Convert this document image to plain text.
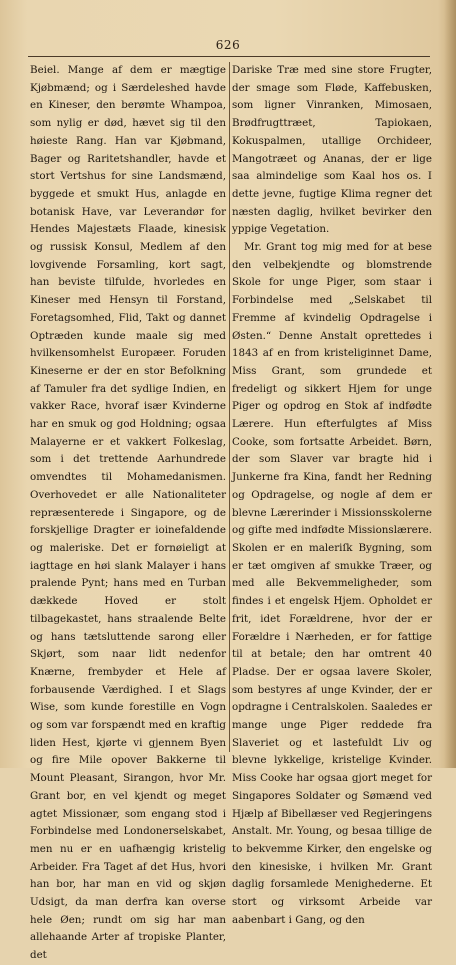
626

Beiel. Mange af dem er mægtige Kjøbmænd; og i Særdeleshed havde en Kineser, den berømte Whampoa, som nylig er død, hævet sig til den høieste Rang. Han var Kjøbmand, Bager og Raritetshandler, havde et stort Vertshus for sine Landsmænd, byggede et smukt Hus, anlagde en botanisk Have, var Leverandør for Hendes Majestæts Flaade, kinesisk og russisk Konsul, Medlem af den lovgivende Forsamling, kort sagt, han beviste tilfulde, hvorledes en Kineser med Hensyn til Forstand, Foretagsomhed, Flid, Takt og dannet Optræden kunde maale sig med hvilkensomhelst Europæer. Foruden Kineserne er der en stor Befolkning af Tamuler fra det sydlige Indien, en vakker Race, hvoraf især Kvinderne har en smuk og god Holdning; ogsaa Malayerne er et vakkert Folkeslag, som i det trettende Aarhundrede omvendtes til Mohamedanismen. Overhovedet er alle Nationaliteter repræsenterede i Singapore, og de forskjellige Dragter er ioinefaldende og maleriske. Det er fornøieligt at iagttage en høi slank Malayer i hans pralende Pynt; hans med en Turban dækkede Hoved er stolt tilbagekastet, hans straalende Belte og hans tætsluttende sarong eller Skjørt, som naar lidt nedenfor Knærne, frembyder et Hele af forbausende Værdighed. I et Slags Wise, som kunde forestille en Vogn og som var forspændt med en kraftig liden Hest, kjørte vi gjennem Byen og fire Mile opover Bakkerne til Mount Pleasant, Sirangon, hvor Mr. Grant bor, en vel kjendt og meget agtet Missionær, som engang stod i Forbindelse med Londonerselskabet, men nu er en uafhængig kristelig Arbeider. Fra Taget af det Hus, hvori han bor, har man en vid og skjøn Udsigt, da man derfra kan overse hele Øen; rundt om sig har man allehaande Arter af tropiske Planter, det

Dariske Træ med sine store Frugter, der smage som Fløde, Kaffebusken, som ligner Vinranken, Mimosaen, Brødfrugttræet, Tapiokaen, Kokuspalmen, utallige Orchideer, Mangotræet og Ananas, der er lige saa almindelige som Kaal hos os. I dette jevne, fugtige Klima regner det næsten daglig, hvilket bevirker den yppige Vegetation.

Mr. Grant tog mig med for at bese den velbekjendte og blomstrende Skole for unge Piger, som staar i Forbindelse med „Selskabet til Fremme af kvindelig Opdragelse i Østen.“ Denne Anstalt oprettedes i 1843 af en from kristeliginnet Dame, Miss Grant, som grundede et fredeligt og sikkert Hjem for unge Piger og opdrog en Stok af indfødte Lærere. Hun efterfulgtes af Miss Cooke, som fortsatte Arbeidet. Børn, der som Slaver var bragte hid i Junkerne fra Kina, fandt her Redning og Opdragelse, og nogle af dem er blevne Lærerinder i Missionsskolerne og gifte med indfødte Missionslærere. Skolen er en maleriſk Bygning, som er tæt omgiven af smukke Træer, og med alle Bekvemmeligheder, som findes i et engelsk Hjem. Opholdet er frit, idet Forældrene, hvor der er Forældre i Nærheden, er for fattige til at betale; den har omtrent 40 Pladse. Der er ogsaa lavere Skoler, som bestyres af unge Kvinder, der er opdragne i Centralskolen. Saaledes er mange unge Piger reddede fra Slaveriet og et lastefuldt Liv og blevne lykkelige, kristelige Kvinder. Miss Cooke har ogsaa gjort meget for Singapores Soldater og Sømænd ved Hjælp af Bibellæser ved Regjeringens Anstalt. Mr. Young, og besaa tillige de to bekvemme Kirker, den engelske og den kinesiske, i hvilken Mr. Grant daglig forsamlede Menighederne. Et stort og virksomt Arbeide var aabenbart i Gang, og den
